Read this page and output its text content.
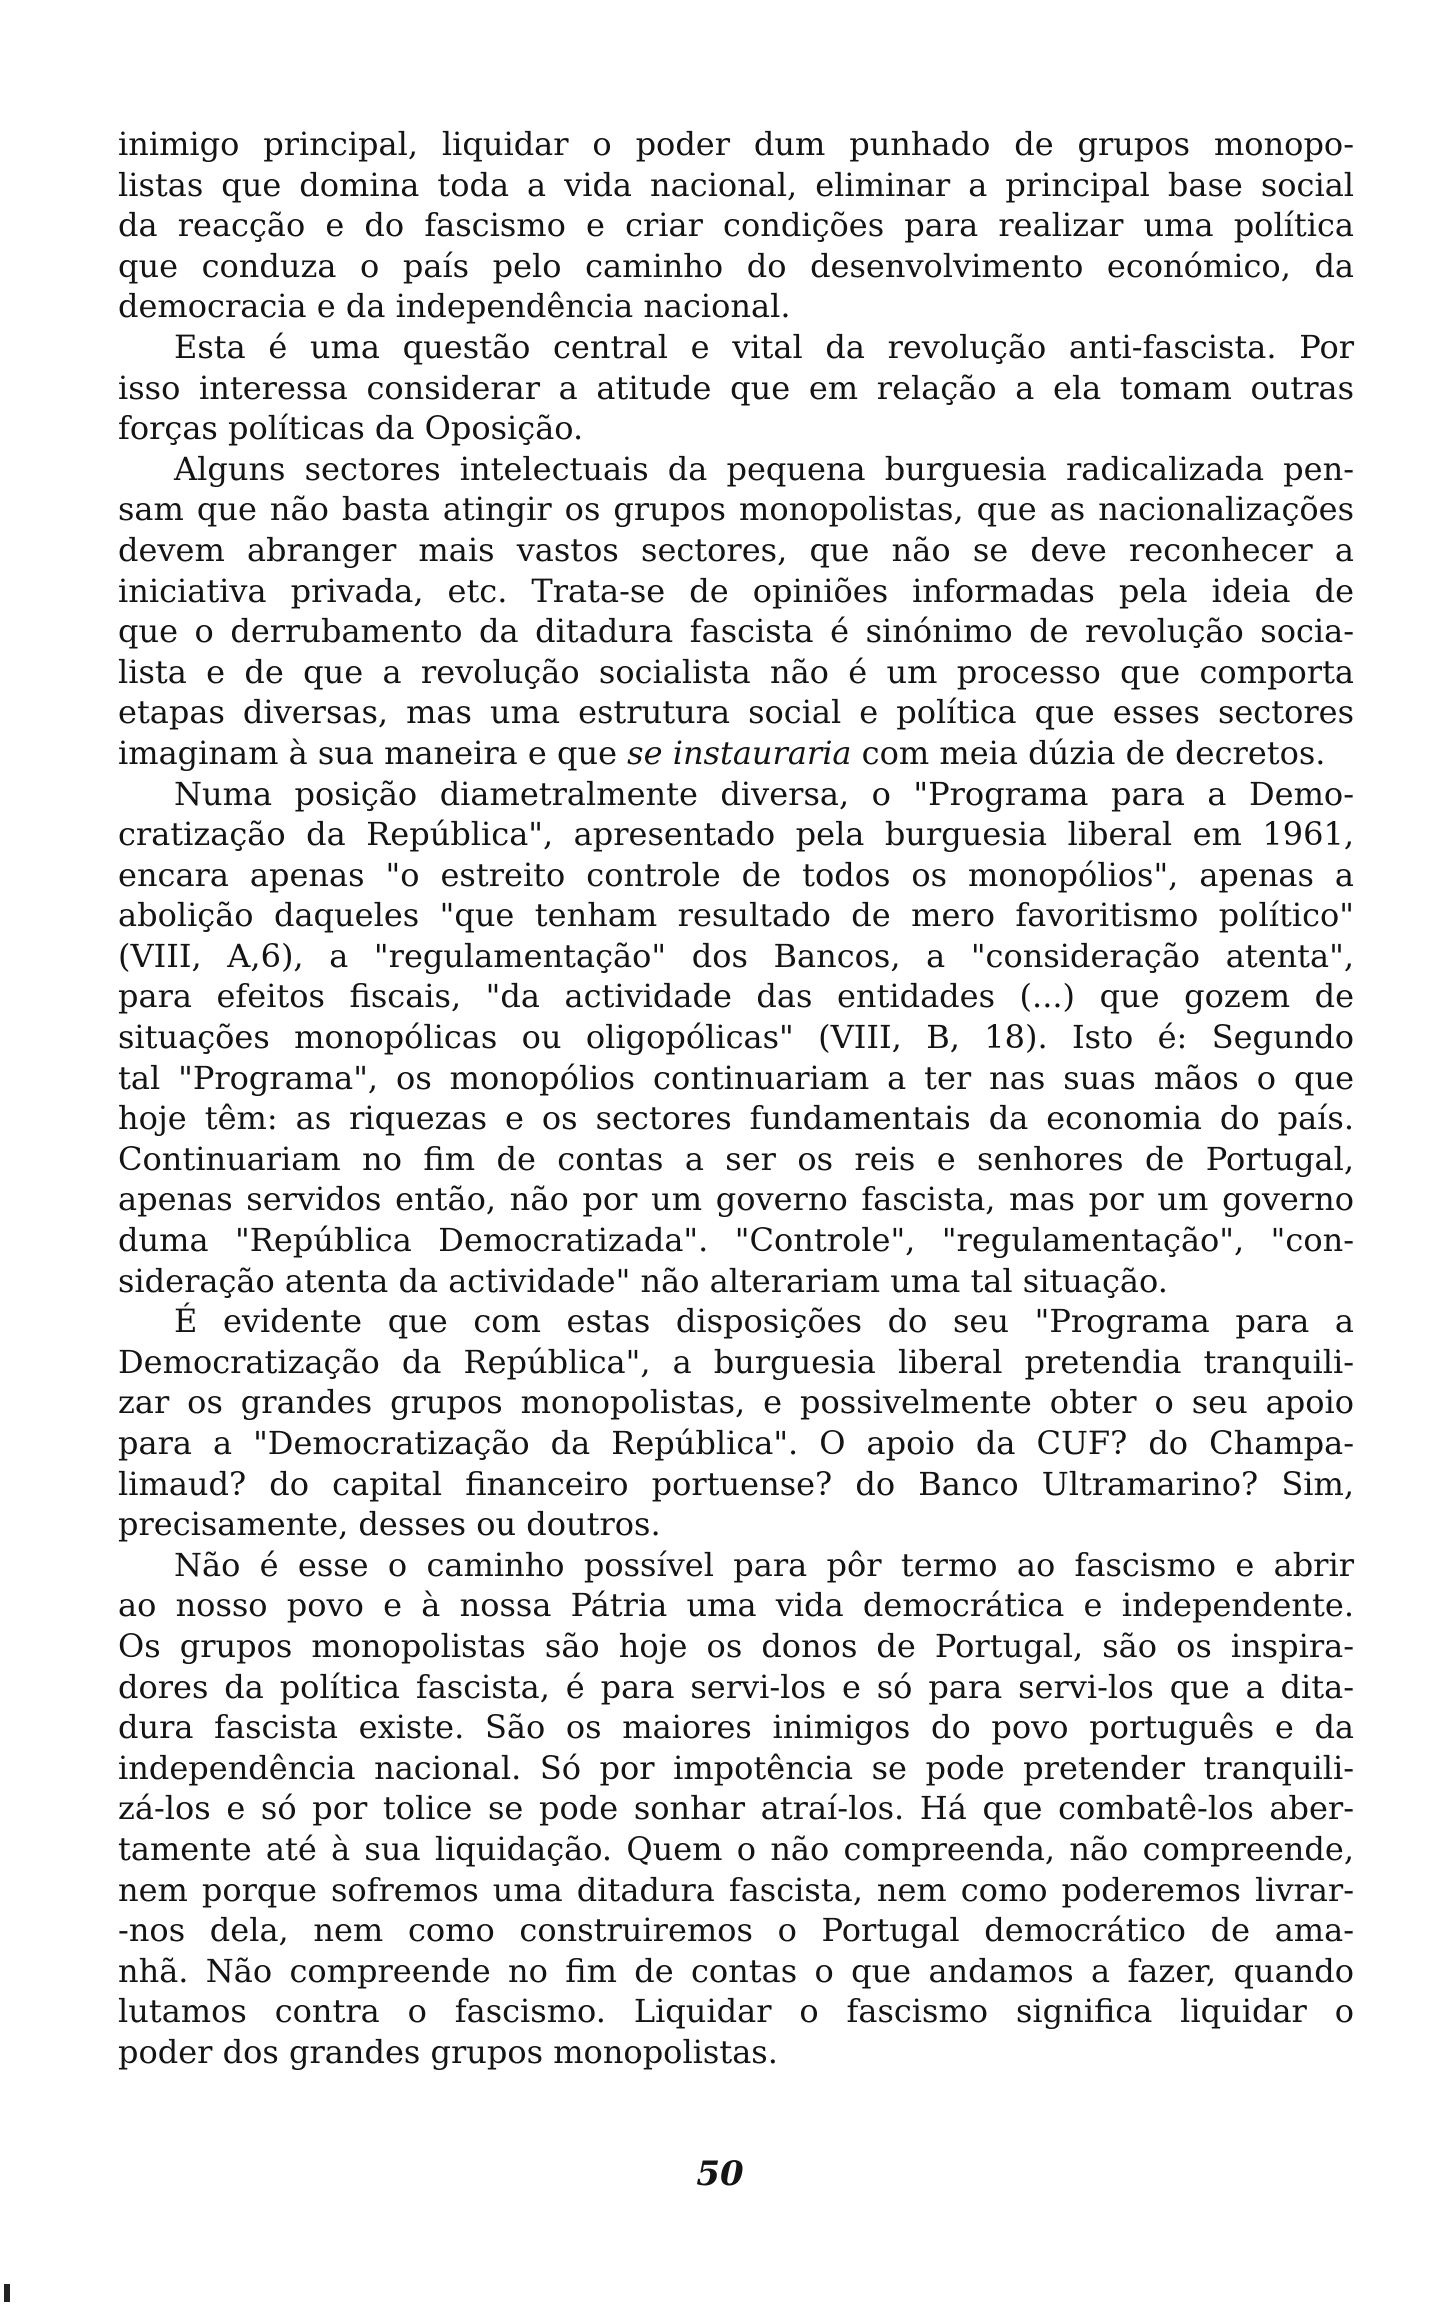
inimigo principal, liquidar o poder dum punhado de grupos monopo-
listas que domina toda a vida nacional, eliminar a principal base social
da reacção e do fascismo e criar condições para realizar uma política
que conduza o país pelo caminho do desenvolvimento económico, da
democracia e da independência nacional.
Esta é uma questão central e vital da revolução anti-fascista. Por
isso interessa considerar a atitude que em relação a ela tomam outras
forças políticas da Oposição.
Alguns sectores intelectuais da pequena burguesia radicalizada pen-
sam que não basta atingir os grupos monopolistas, que as nacionalizações
devem abranger mais vastos sectores, que não se deve reconhecer a
iniciativa privada, etc. Trata-se de opiniões informadas pela ideia de
que o derrubamento da ditadura fascista é sinónimo de revolução socia-
lista e de que a revolução socialista não é um processo que comporta
etapas diversas, mas uma estrutura social e política que esses sectores
imaginam à sua maneira e que se instauraria com meia dúzia de decretos.
Numa posição diametralmente diversa, o "Programa para a Demo-
cratização da República", apresentado pela burguesia liberal em 1961,
encara apenas "o estreito controle de todos os monopólios", apenas a
abolição daqueles "que tenham resultado de mero favoritismo político"
(VIII, A,6), a "regulamentação" dos Bancos, a "consideração atenta",
para efeitos fiscais, "da actividade das entidades (...) que gozem de
situações monopólicas ou oligopólicas" (VIII, B, 18). Isto é: Segundo
tal "Programa", os monopólios continuariam a ter nas suas mãos o que
hoje têm: as riquezas e os sectores fundamentais da economia do país.
Continuariam no fim de contas a ser os reis e senhores de Portugal,
apenas servidos então, não por um governo fascista, mas por um governo
duma "República Democratizada". "Controle", "regulamentação", "con-
sideração atenta da actividade" não alterariam uma tal situação.
É evidente que com estas disposições do seu "Programa para a
Democratização da República", a burguesia liberal pretendia tranquili-
zar os grandes grupos monopolistas, e possivelmente obter o seu apoio
para a "Democratização da República". O apoio da CUF? do Champa-
limaud? do capital financeiro portuense? do Banco Ultramarino? Sim,
precisamente, desses ou doutros.
Não é esse o caminho possível para pôr termo ao fascismo e abrir
ao nosso povo e à nossa Pátria uma vida democrática e independente.
Os grupos monopolistas são hoje os donos de Portugal, são os inspira-
dores da política fascista, é para servi-los e só para servi-los que a dita-
dura fascista existe. São os maiores inimigos do povo português e da
independência nacional. Só por impotência se pode pretender tranquili-
zá-los e só por tolice se pode sonhar atraí-los. Há que combatê-los aber-
tamente até à sua liquidação. Quem o não compreenda, não compreende,
nem porque sofremos uma ditadura fascista, nem como poderemos livrar-
-nos dela, nem como construiremos o Portugal democrático de ama-
nhã. Não compreende no fim de contas o que andamos a fazer, quando
lutamos contra o fascismo. Liquidar o fascismo significa liquidar o
poder dos grandes grupos monopolistas.
50
